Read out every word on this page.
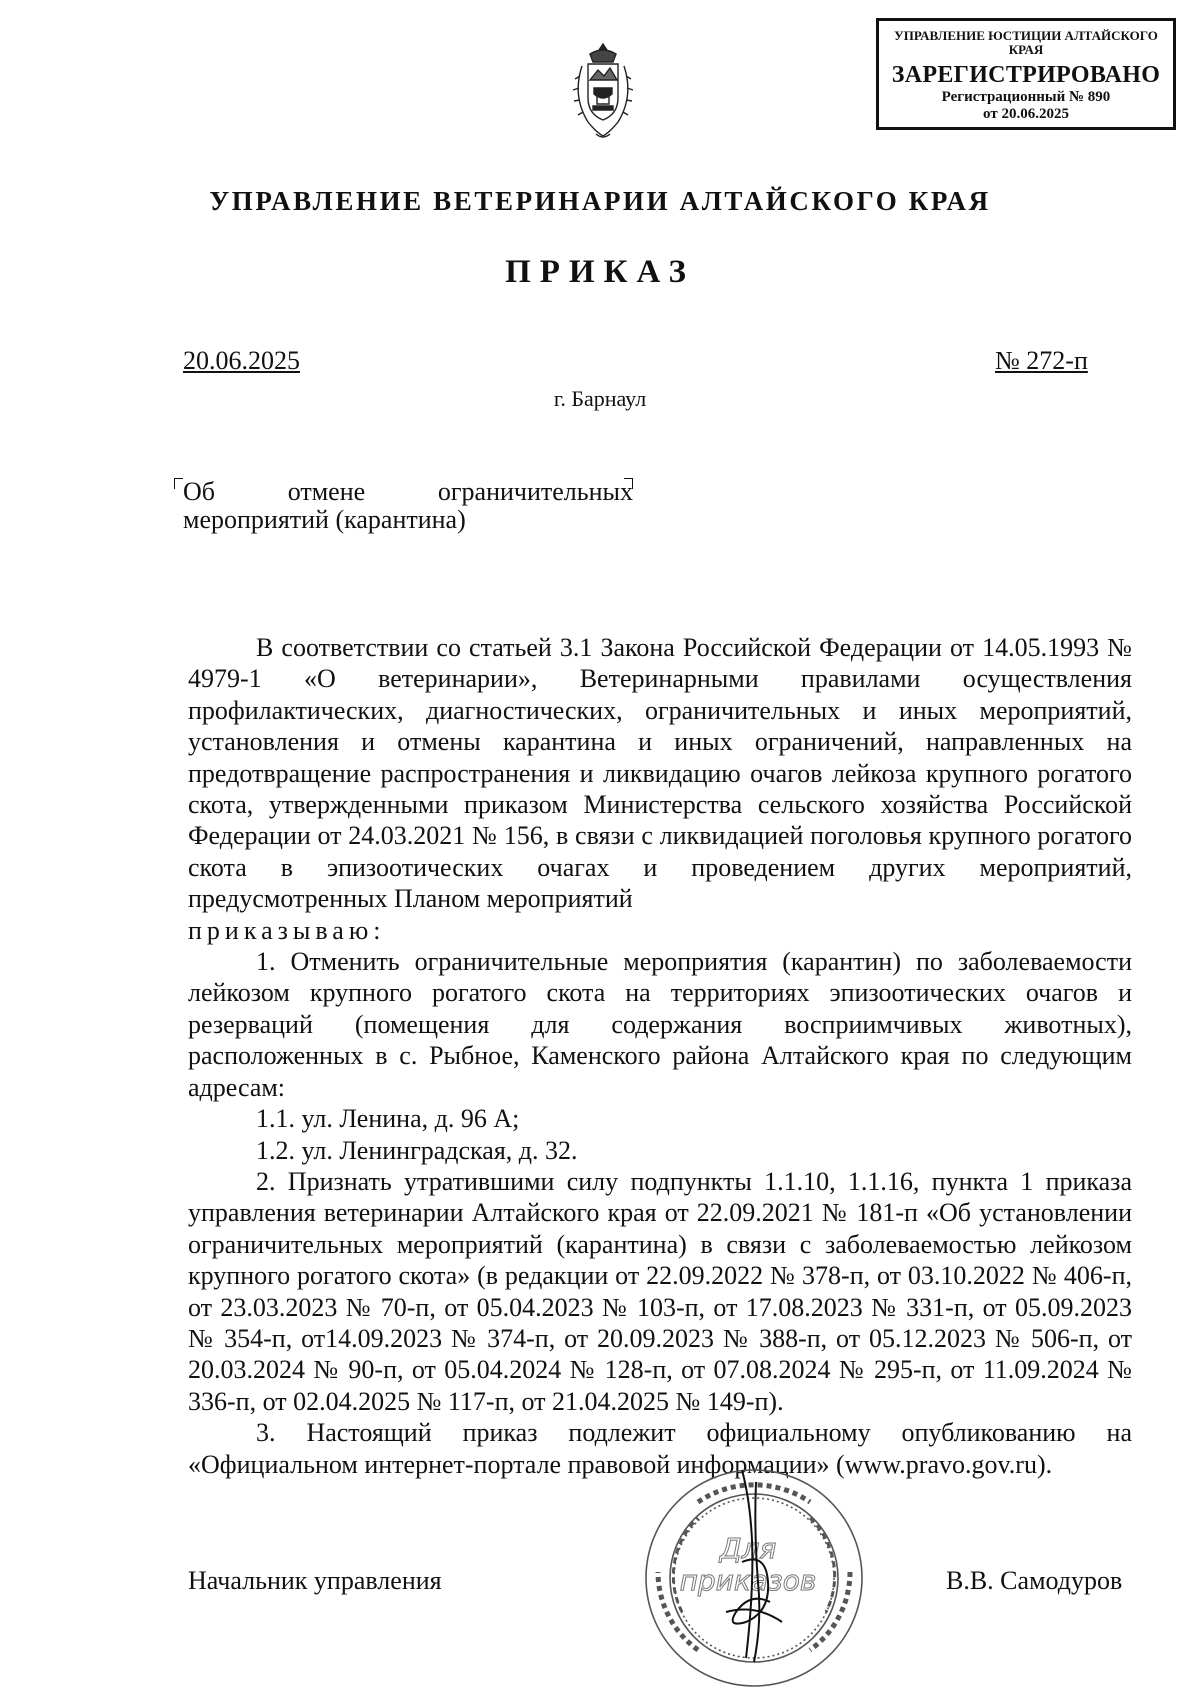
УПРАВЛЕНИЕ ЮСТИЦИИ АЛТАЙСКОГО КРАЯ
ЗАРЕГИСТРИРОВАНО
Регистрационный № 890
от 20.06.2025
УПРАВЛЕНИЕ ВЕТЕРИНАРИИ АЛТАЙСКОГО КРАЯ
ПРИКАЗ
20.06.2025	№ 272-п
г. Барнаул
Об	отмене	ограничительных
мероприятий (карантина)

В соответствии со статьей 3.1 Закона Российской Федерации от 14.05.1993 № 4979-1 «О ветеринарии», Ветеринарными правилами осуществления профилактических, диагностических, ограничительных и иных мероприятий, установления и отмены карантина и иных ограничений, направленных на предотвращение распространения и ликвидацию очагов лейкоза крупного рогатого скота, утвержденными приказом Министерства сельского хозяйства Российской Федерации от 24.03.2021 № 156, в связи с ликвидацией поголовья крупного рогатого скота в эпизоотических очагах и проведением других мероприятий, предусмотренных Планом мероприятий

приказываю:

1. Отменить ограничительные мероприятия (карантин) по заболеваемости лейкозом крупного рогатого скота на территориях эпизоотических очагов и резерваций (помещения для содержания восприимчивых животных), расположенных в с. Рыбное, Каменского района Алтайского края по следующим адресам:

1.1. ул. Ленина, д. 96 А;

1.2. ул. Ленинградская, д. 32.

2. Признать утратившими силу подпункты 1.1.10, 1.1.16, пункта 1 приказа управления ветеринарии Алтайского края от 22.09.2021 № 181-п «Об установлении ограничительных мероприятий (карантина) в связи с заболеваемостью лейкозом крупного рогатого скота» (в редакции от 22.09.2022 № 378-п, от 03.10.2022 № 406-п, от 23.03.2023 № 70-п, от 05.04.2023 № 103-п, от 17.08.2023 № 331-п, от 05.09.2023 № 354-п, от14.09.2023 № 374-п, от 20.09.2023 № 388-п, от 05.12.2023 № 506-п, от 20.03.2024 № 90-п, от 05.04.2024 № 128-п, от 07.08.2024 № 295-п, от 11.09.2024 № 336-п, от 02.04.2025 № 117-п, от 21.04.2025 № 149-п).

3. Настоящий приказ подлежит официальному опубликованию на «Официальном интернет-портале правовой информации» (www.pravo.gov.ru).

Для
приказов
Начальник управления	В.В. Самодуров
